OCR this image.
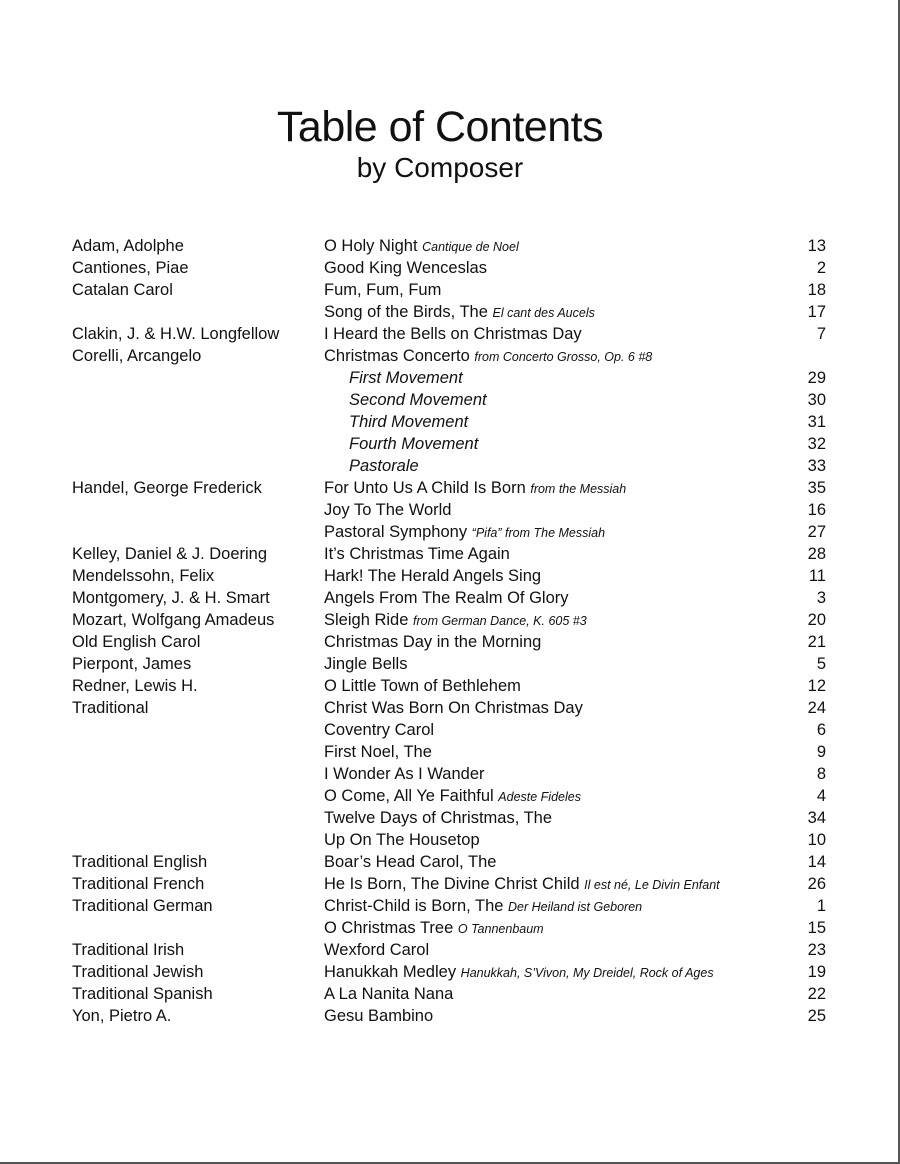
Table of Contents
by Composer
Adam, Adolphe	O Holy Night Cantique de Noel	13
Cantiones, Piae	Good King Wenceslas	2
Catalan Carol	Fum, Fum, Fum	18
Song of the Birds, The El cant des Aucels	17
Clakin, J. & H.W. Longfellow	I Heard the Bells on Christmas Day	7
Corelli, Arcangelo	Christmas Concerto from Concerto Grosso, Op. 6 #8
First Movement	29
Second Movement	30
Third Movement	31
Fourth Movement	32
Pastorale	33
Handel, George Frederick	For Unto Us A Child Is Born from the Messiah	35
Joy To The World	16
Pastoral Symphony “Pifa” from The Messiah	27
Kelley, Daniel & J. Doering	It’s Christmas Time Again	28
Mendelssohn, Felix	Hark! The Herald Angels Sing	11
Montgomery, J. & H. Smart	Angels From The Realm Of Glory	3
Mozart, Wolfgang Amadeus	Sleigh Ride from German Dance, K. 605 #3	20
Old English Carol	Christmas Day in the Morning	21
Pierpont, James	Jingle Bells	5
Redner, Lewis H.	O Little Town of Bethlehem	12
Traditional	Christ Was Born On Christmas Day	24
Coventry Carol	6
First Noel, The	9
I Wonder As I Wander	8
O Come, All Ye Faithful Adeste Fideles	4
Twelve Days of Christmas, The	34
Up On The Housetop	10
Traditional English	Boar’s Head Carol, The	14
Traditional French	He Is Born, The Divine Christ Child Il est né, Le Divin Enfant	26
Traditional German	Christ-Child is Born, The Der Heiland ist Geboren	1
O Christmas Tree O Tannenbaum	15
Traditional Irish	Wexford Carol	23
Traditional Jewish	Hanukkah Medley Hanukkah, S’Vivon, My Dreidel, Rock of Ages	19
Traditional Spanish	A La Nanita Nana	22
Yon, Pietro A.	Gesu Bambino	25
